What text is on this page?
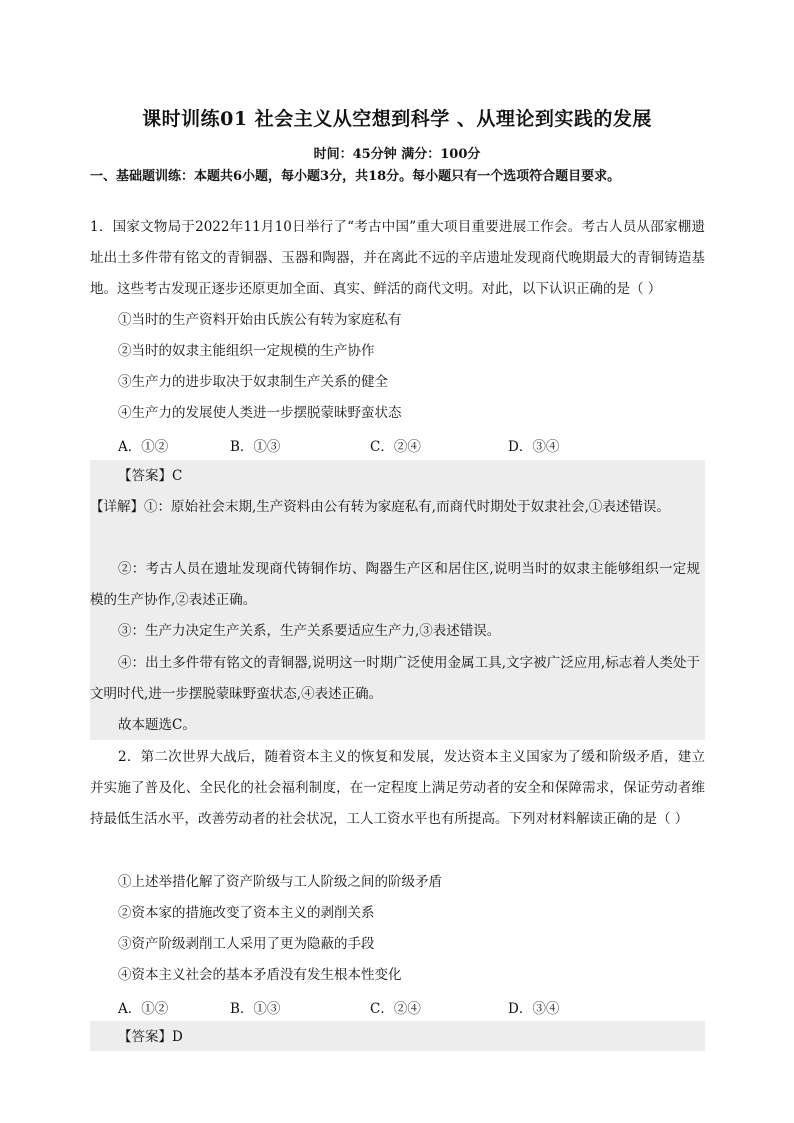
课时训练01 社会主义从空想到科学 、从理论到实践的发展
时间：45分钟 满分：100分
一、基础题训练：本题共6小题，每小题3分，共18分。每小题只有一个选项符合题目要求。
1．国家文物局于2022年11月10日举行了“考古中国”重大项目重要进展工作会。考古人员从邵家棚遗址出土多件带有铭文的青铜器、玉器和陶器，并在离此不远的辛店遗址发现商代晚期最大的青铜铸造基地。这些考古发现正逐步还原更加全面、真实、鲜活的商代文明。对此，以下认识正确的是（ ）
①当时的生产资料开始由氏族公有转为家庭私有
②当时的奴隶主能组织一定规模的生产协作
③生产力的进步取决于奴隶制生产关系的健全
④生产力的发展使人类进一步摆脱蒙昧野蛮状态
A．①②	B．①③	C．②④	D．③④
【答案】C
【详解】①：原始社会末期,生产资料由公有转为家庭私有,而商代时期处于奴隶社会,①表述错误。
②：考古人员在遗址发现商代铸铜作坊、陶器生产区和居住区,说明当时的奴隶主能够组织一定规模的生产协作,②表述正确。
③：生产力决定生产关系，生产关系要适应生产力,③表述错误。
④：出土多件带有铭文的青铜器,说明这一时期广泛使用金属工具,文字被广泛应用,标志着人类处于文明时代,进一步摆脱蒙昧野蛮状态,④表述正确。
故本题选C。
2．第二次世界大战后，随着资本主义的恢复和发展，发达资本主义国家为了缓和阶级矛盾，建立并实施了普及化、全民化的社会福利制度，在一定程度上满足劳动者的安全和保障需求，保证劳动者维持最低生活水平，改善劳动者的社会状况，工人工资水平也有所提高。下列对材料解读正确的是（ ）
①上述举措化解了资产阶级与工人阶级之间的阶级矛盾
②资本家的措施改变了资本主义的剥削关系
③资产阶级剥削工人采用了更为隐蔽的手段
④资本主义社会的基本矛盾没有发生根本性变化
A．①②	B．①③	C．②④	D．③④
【答案】D
